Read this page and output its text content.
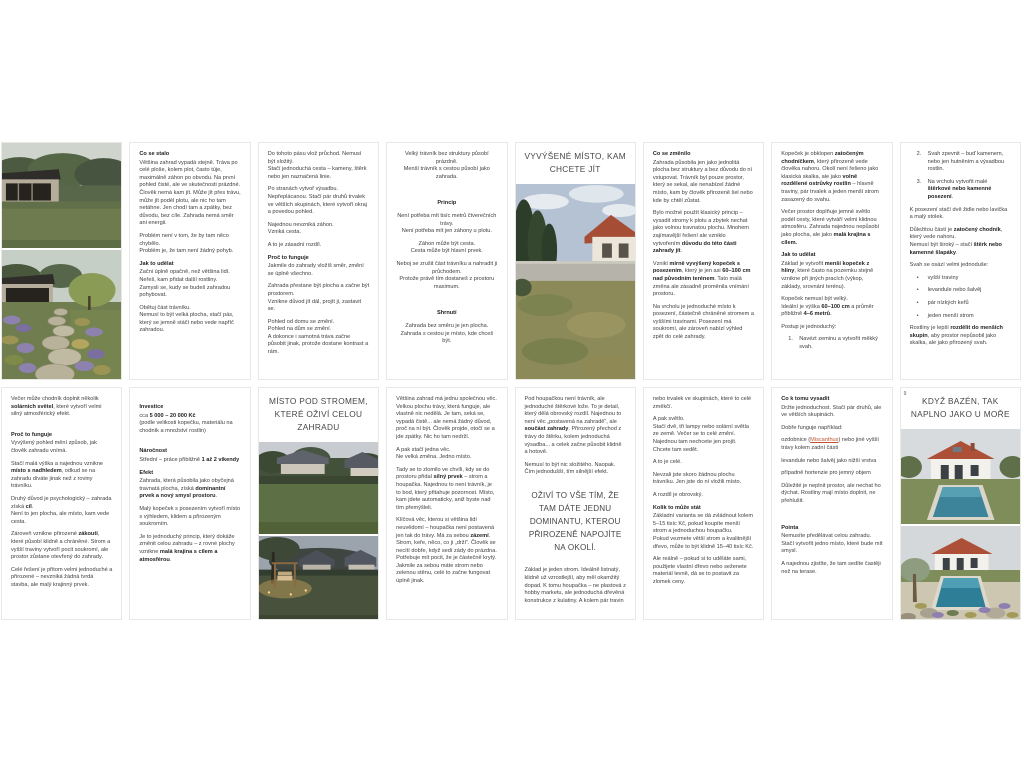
Co se stalo
Většina zahrad vypadá stejně. Tráva po celé ploše, kolem plot, často túje, maximálně záhon po obvodu. Na první pohled čisté, ale ve skutečnosti prázdné. Člověk nemá kam jít. Může jít přes trávu, může jít podél plotu, ale nic ho tam netáhne. Jen chodí tam a zpátky, bez důvodu, bez cíle. Zahrada nemá směr ani energii.
Problém není v tom, že by tam něco chybělo.
Problém je, že tam není žádný pohyb.
Jak to udělat
Začni úplně opačně, než většina lidí. Neřeš, kam přidat další rostliny.
Zamysli se, kudy se budeš zahradou pohybovat.
Obětuj část trávníku.
Nemusí to být velká plocha, stačí pás, který se jemně stáčí nebo vede napříč zahradou.
Do tohoto pásu vlož průchod. Nemusí být složitý.
Stačí jednoduchá cesta – kameny, štěrk nebo jen naznačená linie.
Po stranách vytvoř výsadbu.
Nepřeplácanou. Stačí pár druhů trvalek ve větších skupinách, které vytvoří okraj a povedou pohled.
Najednou nevzniká záhon.
Vzniká cesta.
A to je zásadní rozdíl.
Proč to funguje
Jakmile do zahrady vložíš směr, změní se úplně všechno.
Zahrada přestane být plocha a začne být prostorem.
Vznikne důvod jít dál, projít ji, zastavit se.
Pohled od domu se změní.
Pohled na dům se změní.
A dokonce i samotná tráva začne působit jinak, protože dostane kontrast a rám.
Velký trávník bez struktury působí prázdně.
Menší trávník s cestou působí jako zahrada.
Princip
Není potřeba mít tisíc metrů čtverečních trávy.
Není potřeba mít jen záhony u plotu.
Záhon může být cesta.
Cesta může být hlavní prvek.
Neboj se zrušit část trávníku a nahradit ji průchodem.
Protože právě tím dostaneš z prostoru maximum.
Shrnutí
Zahrada bez směru je jen plocha.
Zahrada s cestou je místo, kde chceš být.
VYVÝŠENÉ MÍSTO, KAM CHCETE JÍT
Co se změnilo
Zahrada působila jen jako jednolitá plocha bez struktury a bez důvodu do ní vstupovat. Trávník byl pouze prostor, který se sekal, ale nenabízel žádné místo, kam by člověk přirozeně šel nebo kde by chtěl zůstat.
Bylo možné použít klasický princip – vysadit stromy k plotu a zbytek nechat jako volnou travnatou plochu. Mnohem zajímavější řešení ale vzniklo vytvořením důvodu do této části zahrady jít.
Vznikl mírně vyvýšený kopeček s posezením, který je jen asi 60–100 cm nad původním terénem. Tato malá změna ale zásadně proměnila vnímání prostoru.
Na vrcholu je jednoduché místo k posezení, částečně chráněné stromem a vyššími travinami. Posezení má soukromí, ale zároveň nabízí výhled zpět do celé zahrady.
Kopeček je obklopen zatočeným chodníčkem, který přirozeně vede člověka nahoru. Okolí není řešeno jako klasická skalka, ale jako volně rozdělené ostrůvky rostlin – hlavně traviny, pár trvalek a jeden menší strom zasazený do svahu.
Večer prostor doplňuje jemné světlo podél cesty, které vytváří velmi klidnou atmosféru. Zahrada najednou nepůsobí jako plocha, ale jako malá krajina s cílem.
Jak to udělat
Základ je vytvořit menší kopeček z hlíny, které často na pozemku stejně vznikne při jiných pracích (výkop, základy, srovnání terénu).
Kopeček nemusí být velký.
Ideální je výška 60–100 cm a průměr přibližně 4–6 metrů.
Postup je jednoduchý:
1.	Navézt zeminu a vytvořit měkký svah.
2.	Svah zpevnit – buď kamenem, nebo jen hutněním a výsadbou rostlin.
3.	Na vrcholu vytvořit malé štěrkové nebo kamenné posezení.
K posezení stačí dvě židle nebo lavička a malý stolek.
Důležitou částí je zatočený chodník, který vede nahoru.
Nemusí být široký – stačí štěrk nebo kamenné šlapáky.
Svah se osází velmi jednoduše:
•	vyšší traviny
•	levandule nebo šalvěj
•	pár nízkých keřů
•	jeden menší strom
Rostliny je lepší rozdělit do menších skupin, aby prostor nepůsobil jako skalka, ale jako přirozený svah.
Večer může chodník doplnit několik solárních světel, které vytvoří velmi silný atmosférický efekt.
Proč to funguje
Vyvýšený pohled mění způsob, jak člověk zahradu vnímá.
Stačí malá výška a najednou vznikne místo s nadhledem, odkud se na zahradu díváte jinak než z roviny trávníku.
Druhý důvod je psychologický – zahrada získá cíl.
Není to jen plocha, ale místo, kam vede cesta.
Zároveň vznikne přirozené zákoutí, které působí klidně a chráněné. Strom a vyšší traviny vytvoří pocit soukromí, ale prostor zůstane otevřený do zahrady.
Celé řešení je přitom velmi jednoduché a přirozené – nevzniká žádná tvrdá stavba, ale malý krajinný prvek.
Investice
cca 5 000 – 20 000 Kč
(podle velikosti kopečku, materiálu na chodník a množství rostlin)
Náročnost
Střední – práce přibližně 1 až 2 víkendy
Efekt
Zahrada, která působila jako obyčejná travnatá plocha, získá dominantní prvek a nový smysl prostoru.
Malý kopeček s posezením vytvoří místo s výhledem, klidem a přirozeným soukromím.
Je to jednoduchý princip, který dokáže změnit celou zahradu – z rovné plochy vznikne malá krajina s cílem a atmosférou.
MÍSTO POD STROMEM, KTERÉ OŽIVÍ CELOU ZAHRADU
Většina zahrad má jednu společnou věc. Velkou plochu trávy, která funguje, ale vlastně nic nedělá. Je tam, seká se, vypadá čistě... ale nemá žádný důvod, proč na ní být. Člověk projde, otočí se a jde zpátky. Nic ho tam nedrží.
A pak stačí jedna věc.
Ne velká změna. Jedno místo.
Tady se to zlomilo ve chvíli, kdy se do prostoru přidal silný prvek – strom a houpačka. Najednou to není trávník, je to bod, který přitahuje pozornost. Místo, kam jdete automaticky, aniž byste nad tím přemýšleli.
Klíčová věc, kterou si většina lidí neuvědomí – houpačka není postavená jen tak do trávy. Má za sebou zázemí. Strom, keře, něco, co ji „drží“. Člověk se necítí dobře, když sedí zády do prázdna. Potřebuje mít pocit, že je částečně krytý. Jakmile za sebou máte strom nebo zelenou stěnu, celé to začne fungovat úplně jinak.
Pod houpačkou není trávník, ale jednoduché štěrkové lože. To je detail, který dělá obrovský rozdíl. Najednou to není věc „postavená na zahradě“, ale součást zahrady. Přirozený přechod z trávy do štěrku, kolem jednoduchá výsadba... a celek začne působit klidně a hotově.
Nemusí to být nic složitého. Naopak.
Čím jednodušší, tím silnější efekt.
OŽIVÍ TO VŠE TÍM, ŽE TAM DÁTE JEDNU DOMINANTU, KTEROU PŘIROZENĚ NAPOJÍTE NA OKOLÍ.
Základ je jeden strom. Ideálně listnatý, klidně už vzrostlejší, aby měl okamžitý dopad. K tomu houpačka – ne plastová z hobby marketu, ale jednoduchá dřevěná konstrukce z kulatiny. A kolem pár travin
nebo trvalek ve skupinách, které to celé změkčí.
A pak světlo.
Stačí dvě, tři lampy nebo solární světla ze země. Večer se to celé změní. Najednou tam nechcete jen projít. Chcete tam sedět.
A to je celé.
Nevzali jste skoro žádnou plochu trávníku. Jen jste do ní vložili místo.
A rozdíl je obrovský.
Kolik to může stát
Základní varianta se dá zvládnout kolem 5–15 tisíc Kč, pokud koupíte menší strom a jednoduchou houpačku.
Pokud vezmete větší strom a kvalitnější dřevo, může to být klidně 15–40 tisíc Kč.
Ale reálně – pokud si to uděláte sami, použijete vlastní dřevo nebo seženete materiál levně, dá se to postavit za zlomek ceny.
Co k tomu vysadit
Držte jednoduchost. Stačí pár druhů, ale ve větších skupinách.
Dobře funguje například:
ozdobnice (Miscanthus) nebo jiné vyšší trávy kolem zadní části
levandule nebo šalvěj jako nižší vrstva
případně hortenzie pro jemný objem
Důležité je neplnit prostor, ale nechat ho dýchat. Rostliny mají místo doplnit, ne přehlušit.
Pointa
Nemusíte předělávat celou zahradu.
Stačí vytvořit jedno místo, které bude mít smysl.
A najednou zjistíte, že tam sedíte častěji než na terase.
9
KDYŽ BAZÉN, TAK NAPLNO JAKO U MOŘE
